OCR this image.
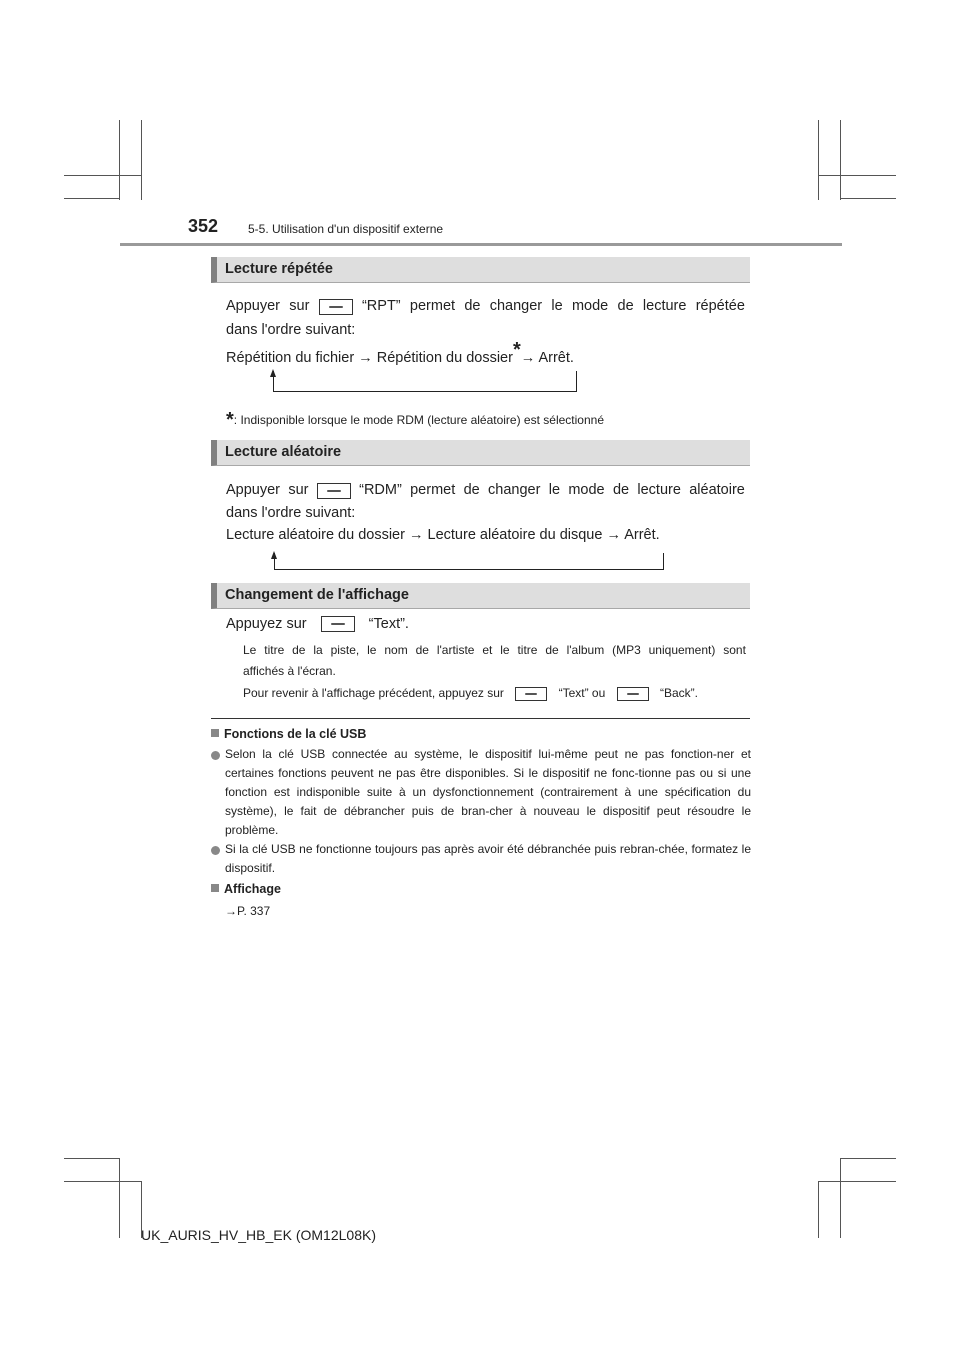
352 5-5. Utilisation d'un dispositif externe
Lecture répétée
Appuyer sur	“RPT” permet de changer le mode de lecture répétée
dans l'ordre suivant:
Répétition du fichier → Répétition du dossier*→ Arrêt.
*: Indisponible lorsque le mode RDM (lecture aléatoire) est sélectionné
Lecture aléatoire
Appuyer sur	“RDM” permet de changer le mode de lecture aléatoire
dans l'ordre suivant:
Lecture aléatoire du dossier → Lecture aléatoire du disque → Arrêt.
Changement de l'affichage
Appuyez sur	“Text”.
Le titre de la piste, le nom de l'artiste et le titre de l'album (MP3 uniquement) sont
affichés à l'écran.
Pour revenir à l'affichage précédent, appuyez sur	“Text” ou	“Back”.
Fonctions de la clé USB
Selon la clé USB connectée au système, le dispositif lui-même peut ne pas fonction-ner et certaines fonctions peuvent ne pas être disponibles. Si le dispositif ne fonc-tionne pas ou si une fonction est indisponible suite à un dysfonctionnement (contrairement à une spécification du système), le fait de débrancher puis de bran-cher à nouveau le dispositif peut résoudre le problème.
Si la clé USB ne fonctionne toujours pas après avoir été débranchée puis rebran-chée, formatez le dispositif.
Affichage
→P. 337
UK_AURIS_HV_HB_EK (OM12L08K)
